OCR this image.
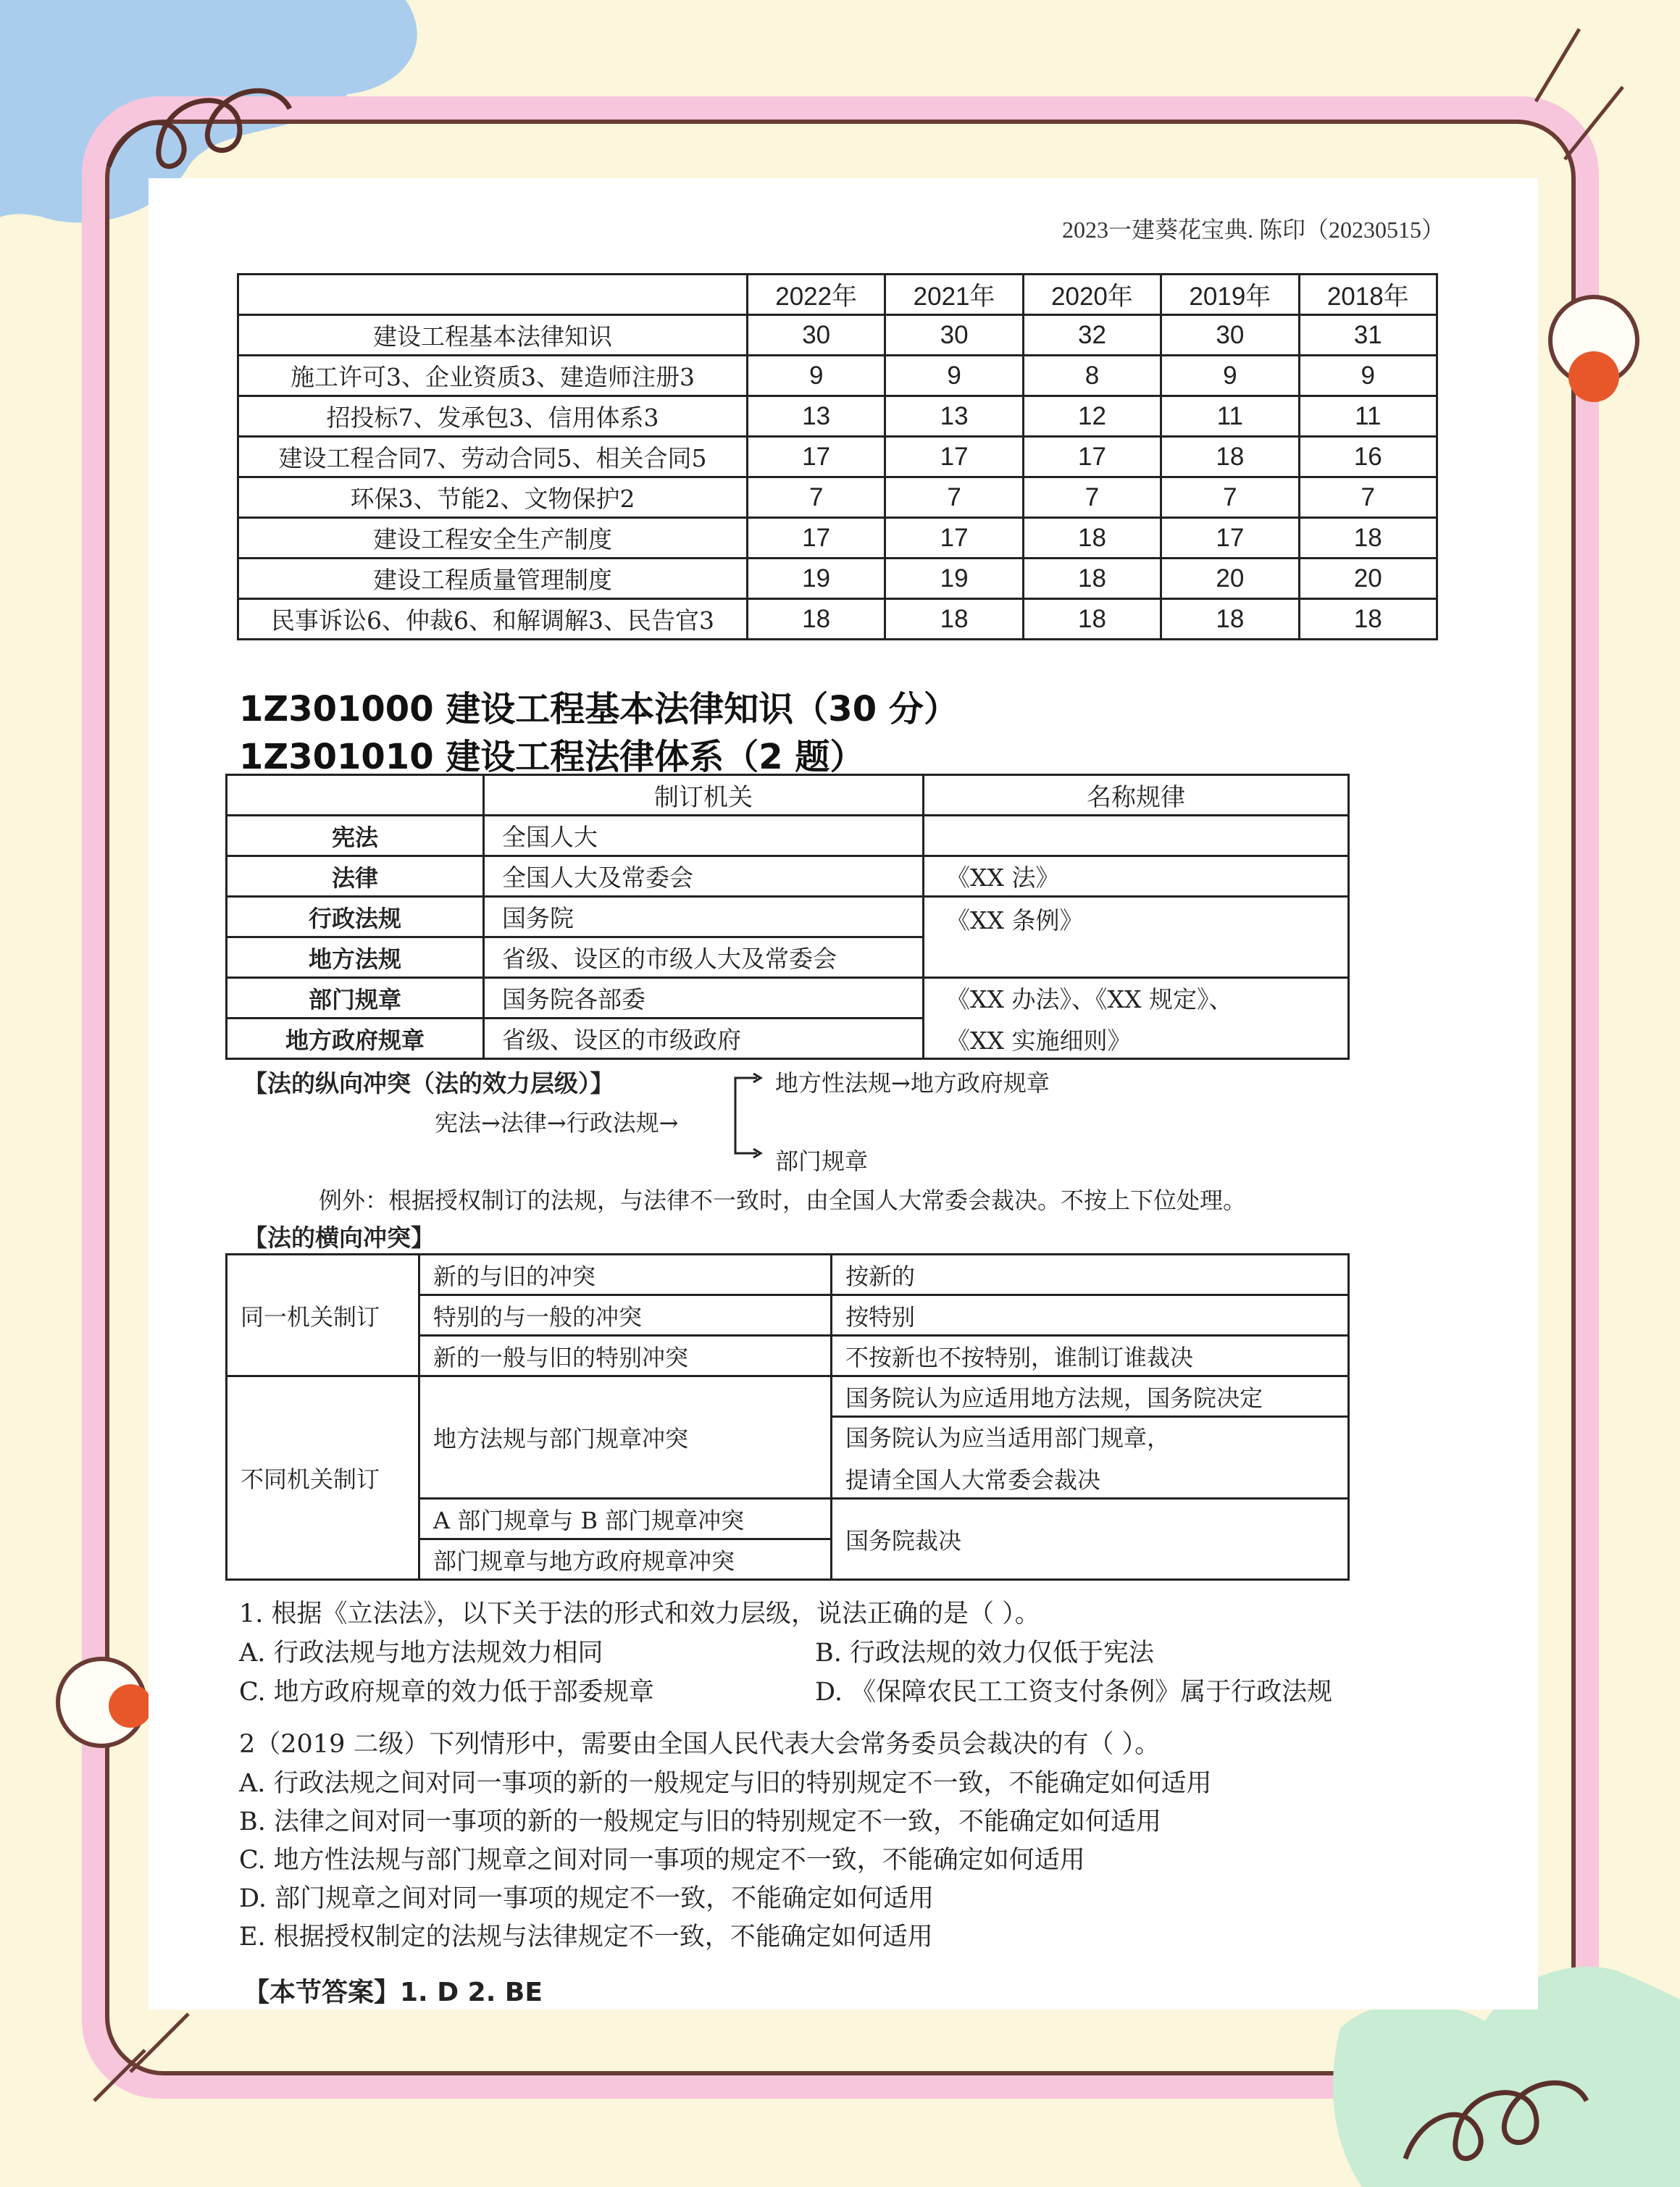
2023一建葵花宝典. 陈印（20230515）
	2022年	2021年	2020年	2019年	2018年
建设工程基本法律知识	30	30	32	30	31
施工许可3、企业资质3、建造师注册3	9	9	8	9	9
招投标7、发承包3、信用体系3	13	13	12	11	11
建设工程合同7、劳动合同5、相关合同5	17	17	17	18	16
环保3、节能2、文物保护2	7	7	7	7	7
建设工程安全生产制度	17	17	18	17	18
建设工程质量管理制度	19	19	18	20	20
民事诉讼6、仲裁6、和解调解3、民告官3	18	18	18	18	18
1Z301000 建设工程基本法律知识（30 分）
1Z301010 建设工程法律体系（2 题）
	制订机关	名称规律
宪法	全国人大	
法律	全国人大及常委会	《XX 法》
行政法规	国务院	《XX 条例》
地方法规	省级、设区的市级人大及常委会	
部门规章	国务院各部委	《XX 办法》、《XX 规定》、
《XX 实施细则》

地方政府规章	省级、设区的市级政府	
【法的纵向冲突（法的效力层级）】
宪法→法律→行政法规→
地方性法规→地方政府规章
部门规章
例外：根据授权制订的法规，与法律不一致时，由全国人大常委会裁决。不按上下位处理。
【法的横向冲突】
同一机关制订	新的与旧的冲突	按新的
	特别的与一般的冲突	按特别
	新的一般与旧的特别冲突	不按新也不按特别，谁制订谁裁决
不同机关制订	地方法规与部门规章冲突	国务院认为应适用地方法规，国务院决定

		国务院认为应当适用部门规章，
提请全国人大常委会裁决

	A 部门规章与 B 部门规章冲突	国务院裁决
	部门规章与地方政府规章冲突	
1. 根据《立法法》，以下关于法的形式和效力层级，说法正确的是（ ）。
A. 行政法规与地方法规效力相同	B. 行政法规的效力仅低于宪法
C. 地方政府规章的效力低于部委规章	D. 《保障农民工工资支付条例》属于行政法规
2（2019 二级）下列情形中，需要由全国人民代表大会常务委员会裁决的有（ ）。
A. 行政法规之间对同一事项的新的一般规定与旧的特别规定不一致，不能确定如何适用
B. 法律之间对同一事项的新的一般规定与旧的特别规定不一致，不能确定如何适用
C. 地方性法规与部门规章之间对同一事项的规定不一致，不能确定如何适用
D. 部门规章之间对同一事项的规定不一致，不能确定如何适用
E. 根据授权制定的法规与法律规定不一致，不能确定如何适用
【本节答案】1. D 2. BE
